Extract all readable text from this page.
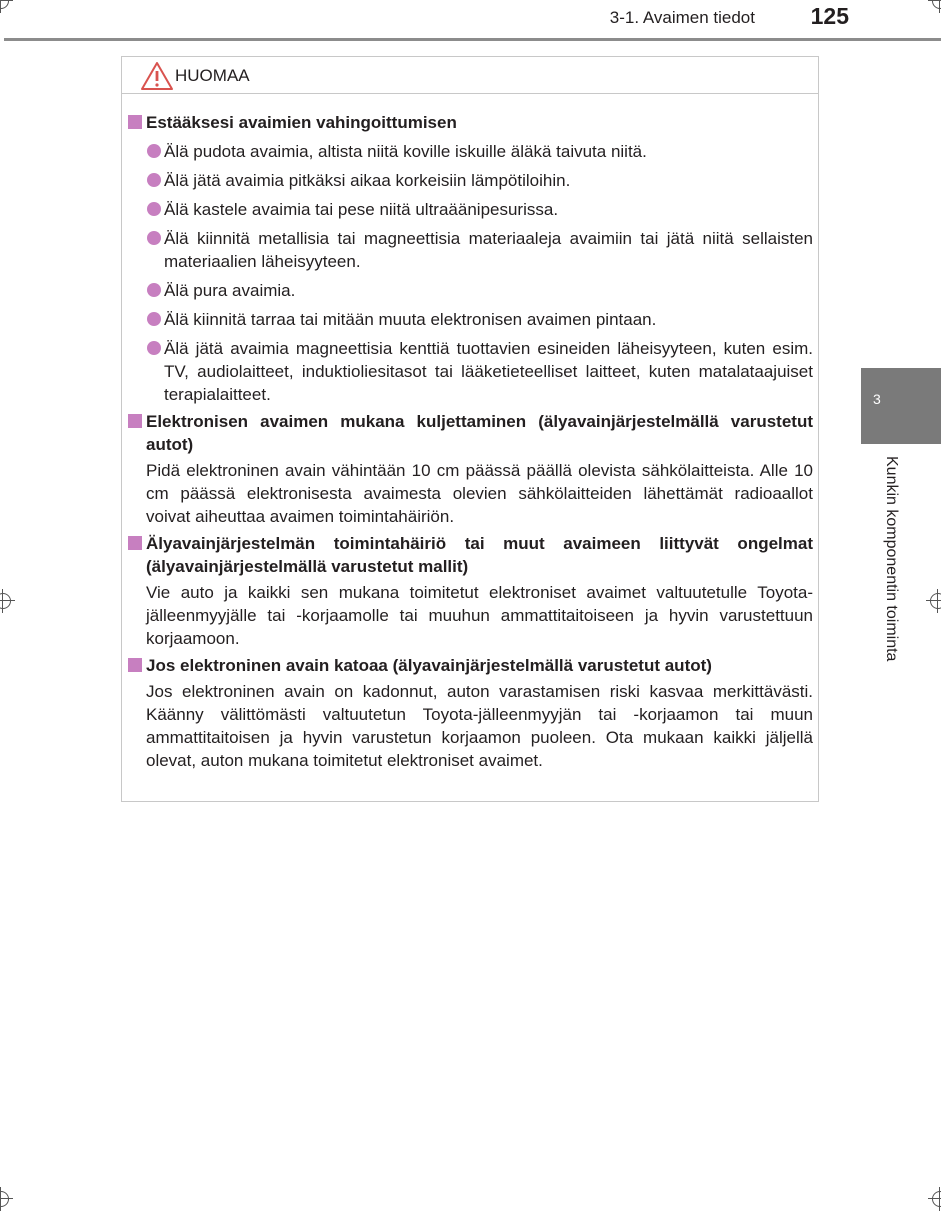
3-1. Avaimen tiedot 125
3
Kunkin komponentin toiminta
HUOMAA
Estääksesi avaimien vahingoittumisen
Älä pudota avaimia, altista niitä koville iskuille äläkä taivuta niitä.
Älä jätä avaimia pitkäksi aikaa korkeisiin lämpötiloihin.
Älä kastele avaimia tai pese niitä ultraäänipesurissa.
Älä kiinnitä metallisia tai magneettisia materiaaleja avaimiin tai jätä niitä sellaisten materiaalien läheisyyteen.
Älä pura avaimia.
Älä kiinnitä tarraa tai mitään muuta elektronisen avaimen pintaan.
Älä jätä avaimia magneettisia kenttiä tuottavien esineiden läheisyyteen, kuten esim. TV, audiolaitteet, induktioliesitasot tai lääketieteelliset laitteet, kuten matalataajuiset terapialaitteet.
Elektronisen avaimen mukana kuljettaminen (älyavainjärjestelmällä varustetut autot)
Pidä elektroninen avain vähintään 10 cm päässä päällä olevista sähkölaitteista. Alle 10 cm päässä elektronisesta avaimesta olevien sähkölaitteiden lähettämät radioaallot voivat aiheuttaa avaimen toimintahäiriön.
Älyavainjärjestelmän toimintahäiriö tai muut avaimeen liittyvät ongelmat (älyavainjärjestelmällä varustetut mallit)
Vie auto ja kaikki sen mukana toimitetut elektroniset avaimet valtuutetulle Toyota-jälleenmyyjälle tai -korjaamolle tai muuhun ammattitaitoiseen ja hyvin varustettuun korjaamoon.
Jos elektroninen avain katoaa (älyavainjärjestelmällä varustetut autot)
Jos elektroninen avain on kadonnut, auton varastamisen riski kasvaa merkittävästi. Käänny välittömästi valtuutetun Toyota-jälleenmyyjän tai -korjaamon tai muun ammattitaitoisen ja hyvin varustetun korjaamon puoleen. Ota mukaan kaikki jäljellä olevat, auton mukana toimitetut elektroniset avaimet.
